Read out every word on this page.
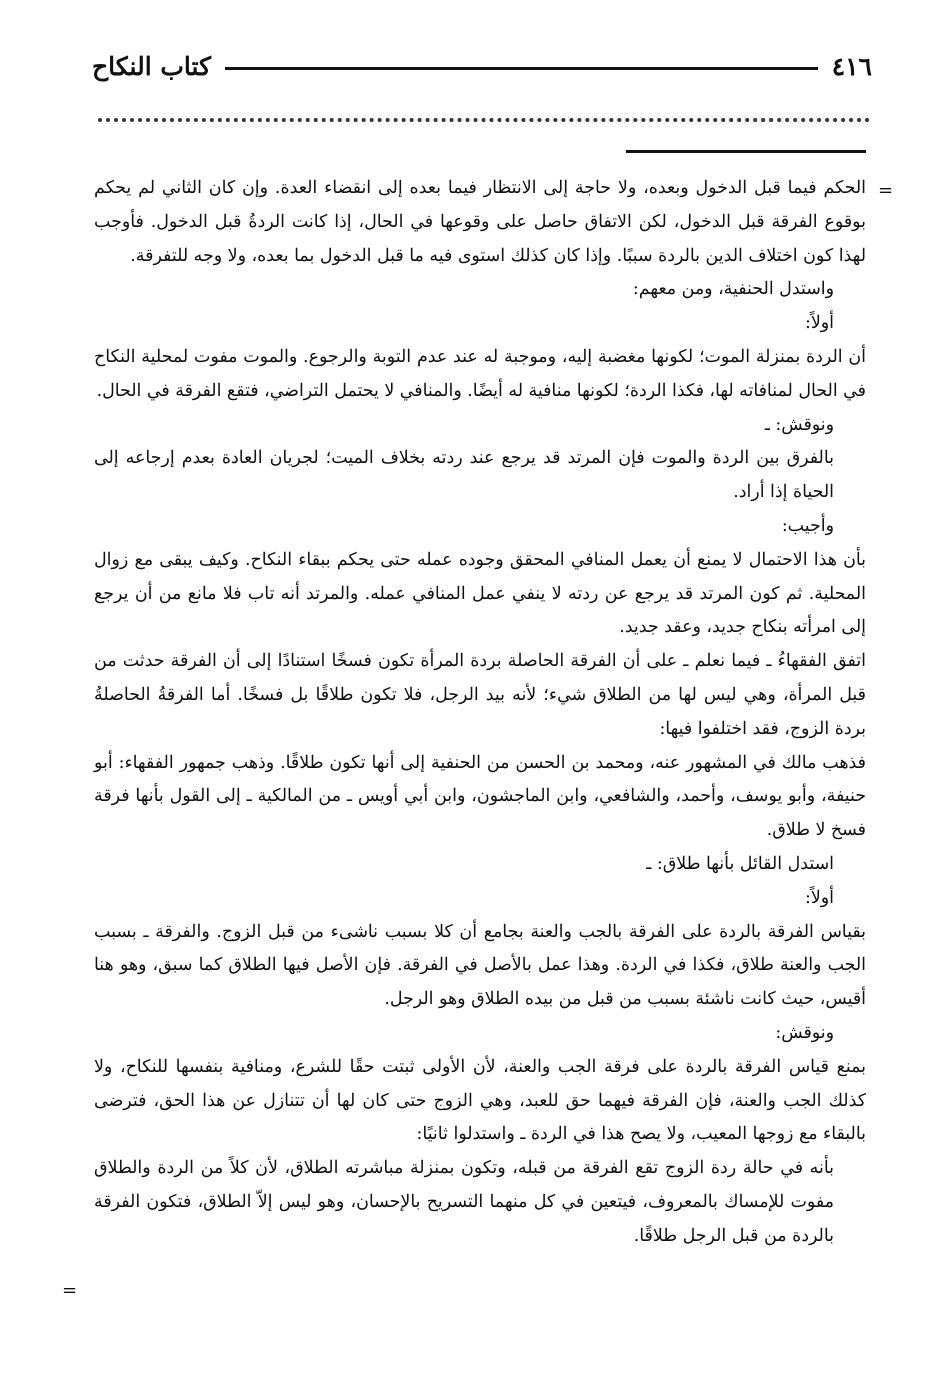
٤١٦
كتاب النكاح
=

الحكم فيما قبل الدخول وبعده، ولا حاجة إلى الانتظار فيما بعده إلى انقضاء العدة. وإن كان الثاني لم يحكم بوقوع الفرقة قبل الدخول، لكن الاتفاق حاصل على وقوعها في الحال، إذا كانت الردةُ قبل الدخول. فأوجب لهذا كون اختلاف الدين بالردة سببًا. وإذا كان كذلك استوى فيه ما قبل الدخول بما بعده، ولا وجه للتفرقة.

واستدل الحنفية، ومن معهم:

أولاً:

أن الردة بمنزلة الموت؛ لكونها مغضبة إليه، وموجبة له عند عدم التوبة والرجوع. والموت مفوت لمحلية النكاح في الحال لمنافاته لها، فكذا الردة؛ لكونها منافية له أيضًا. والمنافي لا يحتمل التراضي، فتقع الفرقة في الحال.

ونوقش: ـ

بالفرق بين الردة والموت فإن المرتد قد يرجع عند ردته بخلاف الميت؛ لجريان العادة بعدم إرجاعه إلى الحياة إذا أراد.

وأجيب:

بأن هذا الاحتمال لا يمنع أن يعمل المنافي المحقق وجوده عمله حتى يحكم ببقاء النكاح. وكيف يبقى مع زوال المحلية. ثم كون المرتد قد يرجع عن ردته لا ينفي عمل المنافي عمله. والمرتد أنه تاب فلا مانع من أن يرجع إلى امرأته بنكاح جديد، وعقد جديد.

اتفق الفقهاءُ ـ فيما نعلم ـ على أن الفرقة الحاصلة بردة المرأة تكون فسخًا استنادًا إلى أن الفرقة حدثت من قبل المرأة، وهي ليس لها من الطلاق شيء؛ لأنه بيد الرجل، فلا تكون طلاقًا بل فسخًا. أما الفرقةُ الحاصلةُ بردة الزوج، فقد اختلفوا فيها:

فذهب مالك في المشهور عنه، ومحمد بن الحسن من الحنفية إلى أنها تكون طلاقًا. وذهب جمهور الفقهاء: أبو حنيفة، وأبو يوسف، وأحمد، والشافعي، وابن الماجشون، وابن أبي أويس ـ من المالكية ـ إلى القول بأنها فرقة فسخ لا طلاق.

استدل القائل بأنها طلاق: ـ

أولاً:

بقياس الفرقة بالردة على الفرقة بالجب والعنة بجامع أن كلا بسبب ناشىء من قبل الزوج. والفرقة ـ بسبب الجب والعنة طلاق، فكذا في الردة. وهذا عمل بالأصل في الفرقة. فإن الأصل فيها الطلاق كما سبق، وهو هنا أقيس، حيث كانت ناشئة بسبب من قبل من بيده الطلاق وهو الرجل.

ونوقش:

بمنع قياس الفرقة بالردة على فرقة الجب والعنة، لأن الأولى ثبتت حقًا للشرع، ومنافية بنفسها للنكاح، ولا كذلك الجب والعنة، فإن الفرقة فيهما حق للعبد، وهي الزوج حتى كان لها أن تتنازل عن هذا الحق، فترضى بالبقاء مع زوجها المعيب، ولا يصح هذا في الردة ـ واستدلوا ثانيًا:

بأنه في حالة ردة الزوج تقع الفرقة من قبله، وتكون بمنزلة مباشرته الطلاق، لأن كلاً من الردة والطلاق مفوت للإمساك بالمعروف، فيتعين في كل منهما التسريح بالإحسان، وهو ليس إلاّ الطلاق، فتكون الفرقة بالردة من قبل الرجل طلاقًا.

=
